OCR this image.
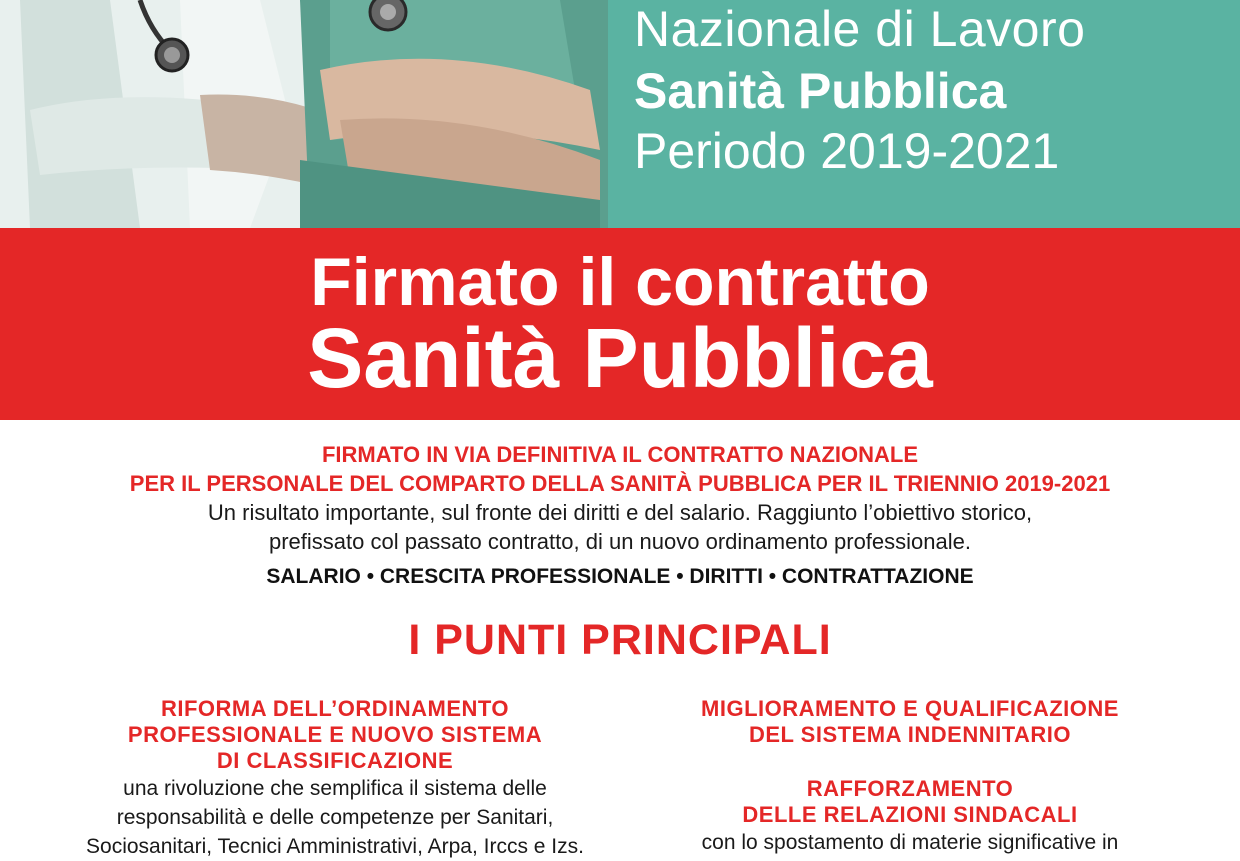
Nazionale di Lavoro
Sanità Pubblica
Periodo 2019-2021
Firmato il contratto
Sanità Pubblica
FIRMATO IN VIA DEFINITIVA IL CONTRATTO NAZIONALE
PER IL PERSONALE DEL COMPARTO DELLA SANITÀ PUBBLICA PER IL TRIENNIO 2019-2021
Un risultato importante, sul fronte dei diritti e del salario. Raggiunto l’obiettivo storico,
prefissato col passato contratto, di un nuovo ordinamento professionale.
SALARIO • CRESCITA PROFESSIONALE • DIRITTI • CONTRATTAZIONE
I PUNTI PRINCIPALI
RIFORMA DELL’ORDINAMENTO
PROFESSIONALE E NUOVO SISTEMA
DI CLASSIFICAZIONE
una rivoluzione che semplifica il sistema delle
responsabilità e delle competenze per Sanitari,
Sociosanitari, Tecnici Amministrativi, Arpa, Irccs e Izs.
MIGLIORAMENTO E QUALIFICAZIONE
DEL SISTEMA INDENNITARIO
RAFFORZAMENTO
DELLE RELAZIONI SINDACALI
con lo spostamento di materie significative in
